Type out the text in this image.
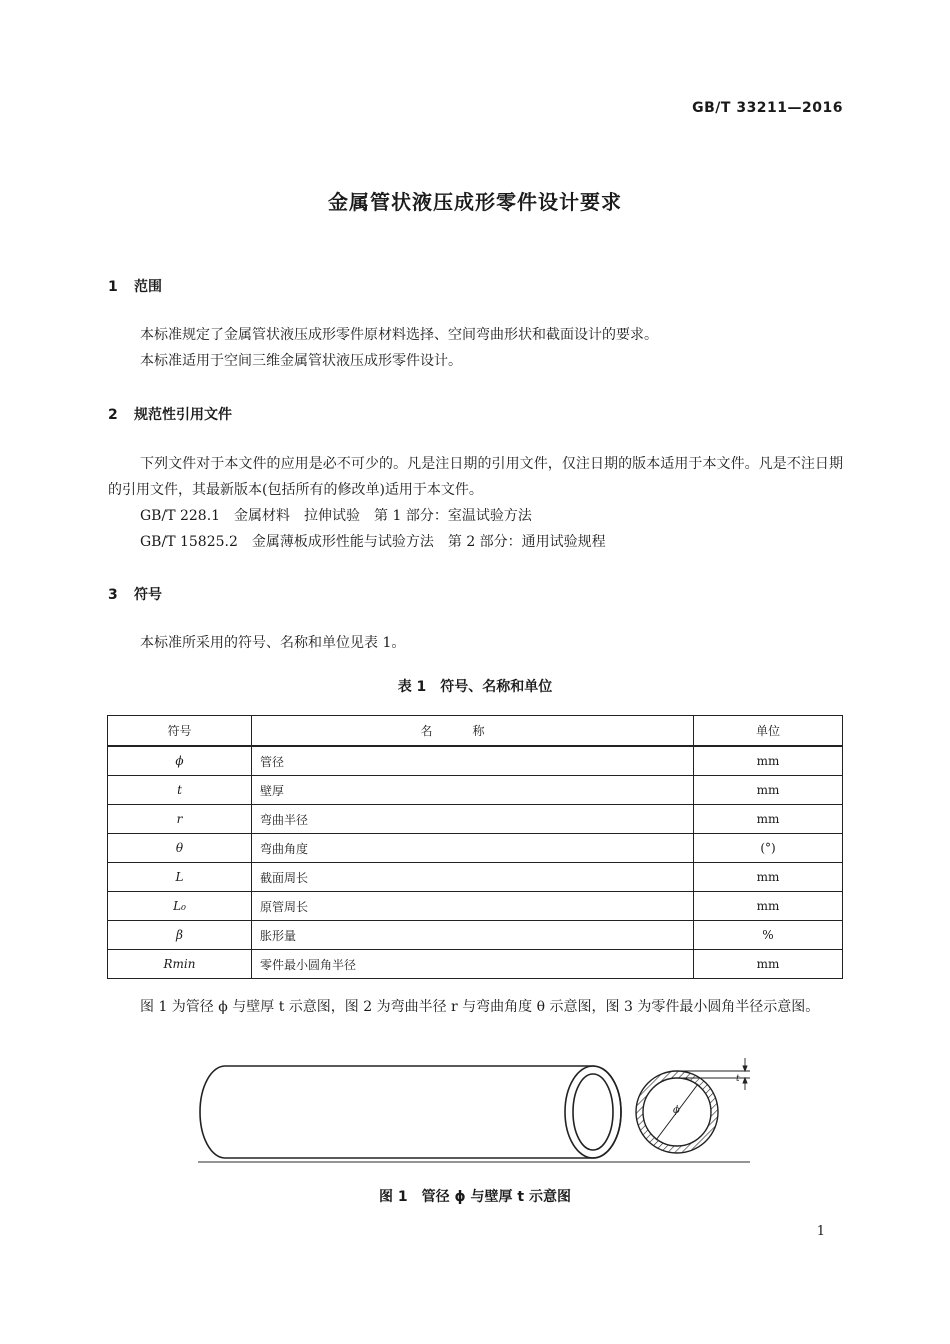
GB/T 33211—2016
金属管状液压成形零件设计要求
1 范围
本标准规定了金属管状液压成形零件原材料选择、空间弯曲形状和截面设计的要求。
本标准适用于空间三维金属管状液压成形零件设计。
2 规范性引用文件
下列文件对于本文件的应用是必不可少的。凡是注日期的引用文件，仅注日期的版本适用于本文件。凡是不注日期的引用文件，其最新版本(包括所有的修改单)适用于本文件。
GB/T 228.1　金属材料　拉伸试验　第 1 部分：室温试验方法
GB/T 15825.2　金属薄板成形性能与试验方法　第 2 部分：通用试验规程
3 符号
本标准所采用的符号、名称和单位见表 1。
表 1　符号、名称和单位
符号	名称	单位
ϕ	管径	mm
t	壁厚	mm
r	弯曲半径	mm
θ	弯曲角度	(°)
L	截面周长	mm
L₀	原管周长	mm
β	胀形量	%
Rmin	零件最小圆角半径	mm
图 1 为管径 ϕ 与壁厚 t 示意图，图 2 为弯曲半径 r 与弯曲角度 θ 示意图，图 3 为零件最小圆角半径示意图。
ϕ
t
图 1　管径 ϕ 与壁厚 t 示意图
1
